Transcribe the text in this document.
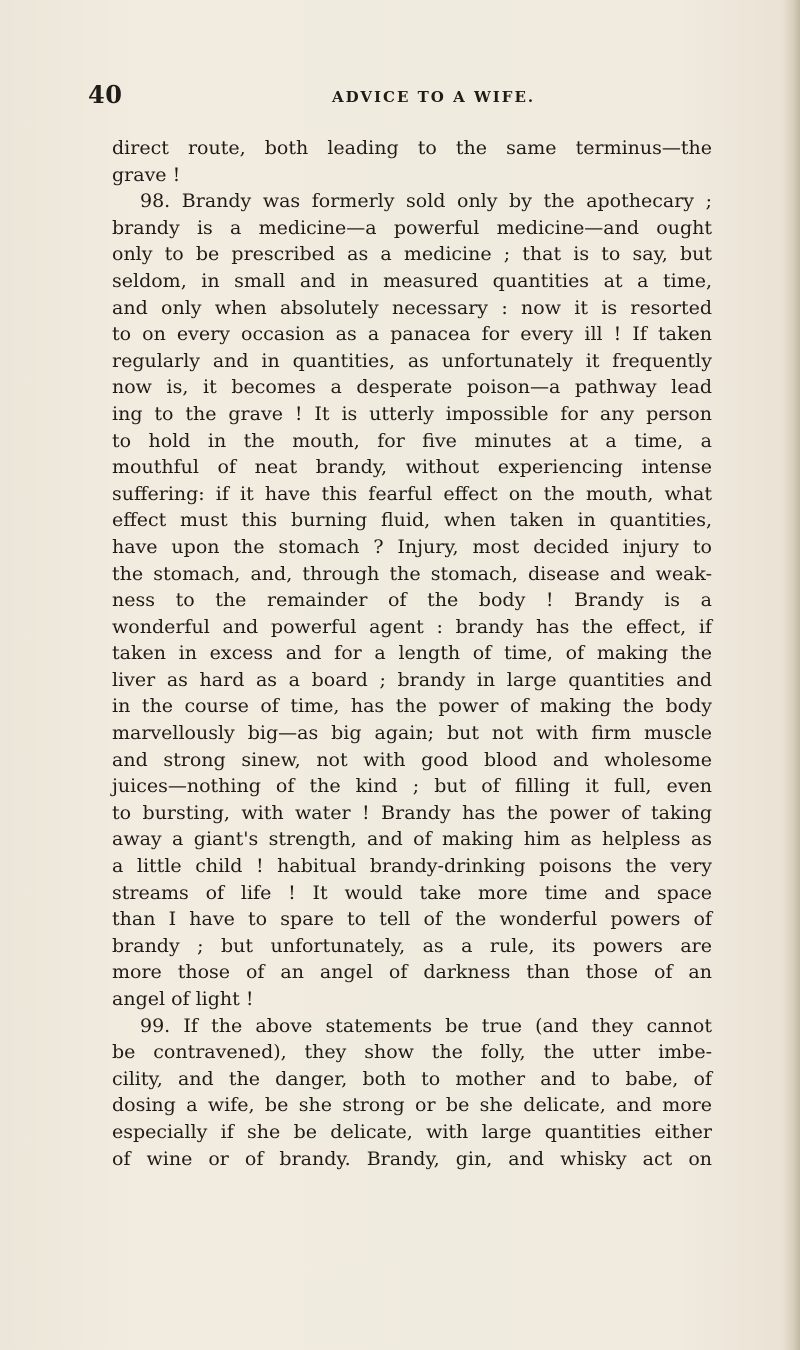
40	ADVICE TO A WIFE.
direct route, both leading to the same terminus—the
grave !
98. Brandy was formerly sold only by the apothecary ;
brandy is a medicine—a powerful medicine—and ought
only to be prescribed as a medicine ; that is to say, but
seldom, in small and in measured quantities at a time,
and only when absolutely necessary : now it is resorted
to on every occasion as a panacea for every ill ! If taken
regularly and in quantities, as unfortunately it frequently
now is, it becomes a desperate poison—a pathway lead
ing to the grave ! It is utterly impossible for any person
to hold in the mouth, for five minutes at a time, a
mouthful of neat brandy, without experiencing intense
suffering: if it have this fearful effect on the mouth, what
effect must this burning fluid, when taken in quantities,
have upon the stomach ? Injury, most decided injury to
the stomach, and, through the stomach, disease and weak-
ness to the remainder of the body ! Brandy is a
wonderful and powerful agent : brandy has the effect, if
taken in excess and for a length of time, of making the
liver as hard as a board ; brandy in large quantities and
in the course of time, has the power of making the body
marvellously big—as big again; but not with firm muscle
and strong sinew, not with good blood and wholesome
juices—nothing of the kind ; but of filling it full, even
to bursting, with water ! Brandy has the power of taking
away a giant's strength, and of making him as helpless as
a little child ! habitual brandy-drinking poisons the very
streams of life ! It would take more time and space
than I have to spare to tell of the wonderful powers of
brandy ; but unfortunately, as a rule, its powers are
more those of an angel of darkness than those of an
angel of light !
99. If the above statements be true (and they cannot
be contravened), they show the folly, the utter imbe-
cility, and the danger, both to mother and to babe, of
dosing a wife, be she strong or be she delicate, and more
especially if she be delicate, with large quantities either
of wine or of brandy. Brandy, gin, and whisky act on
